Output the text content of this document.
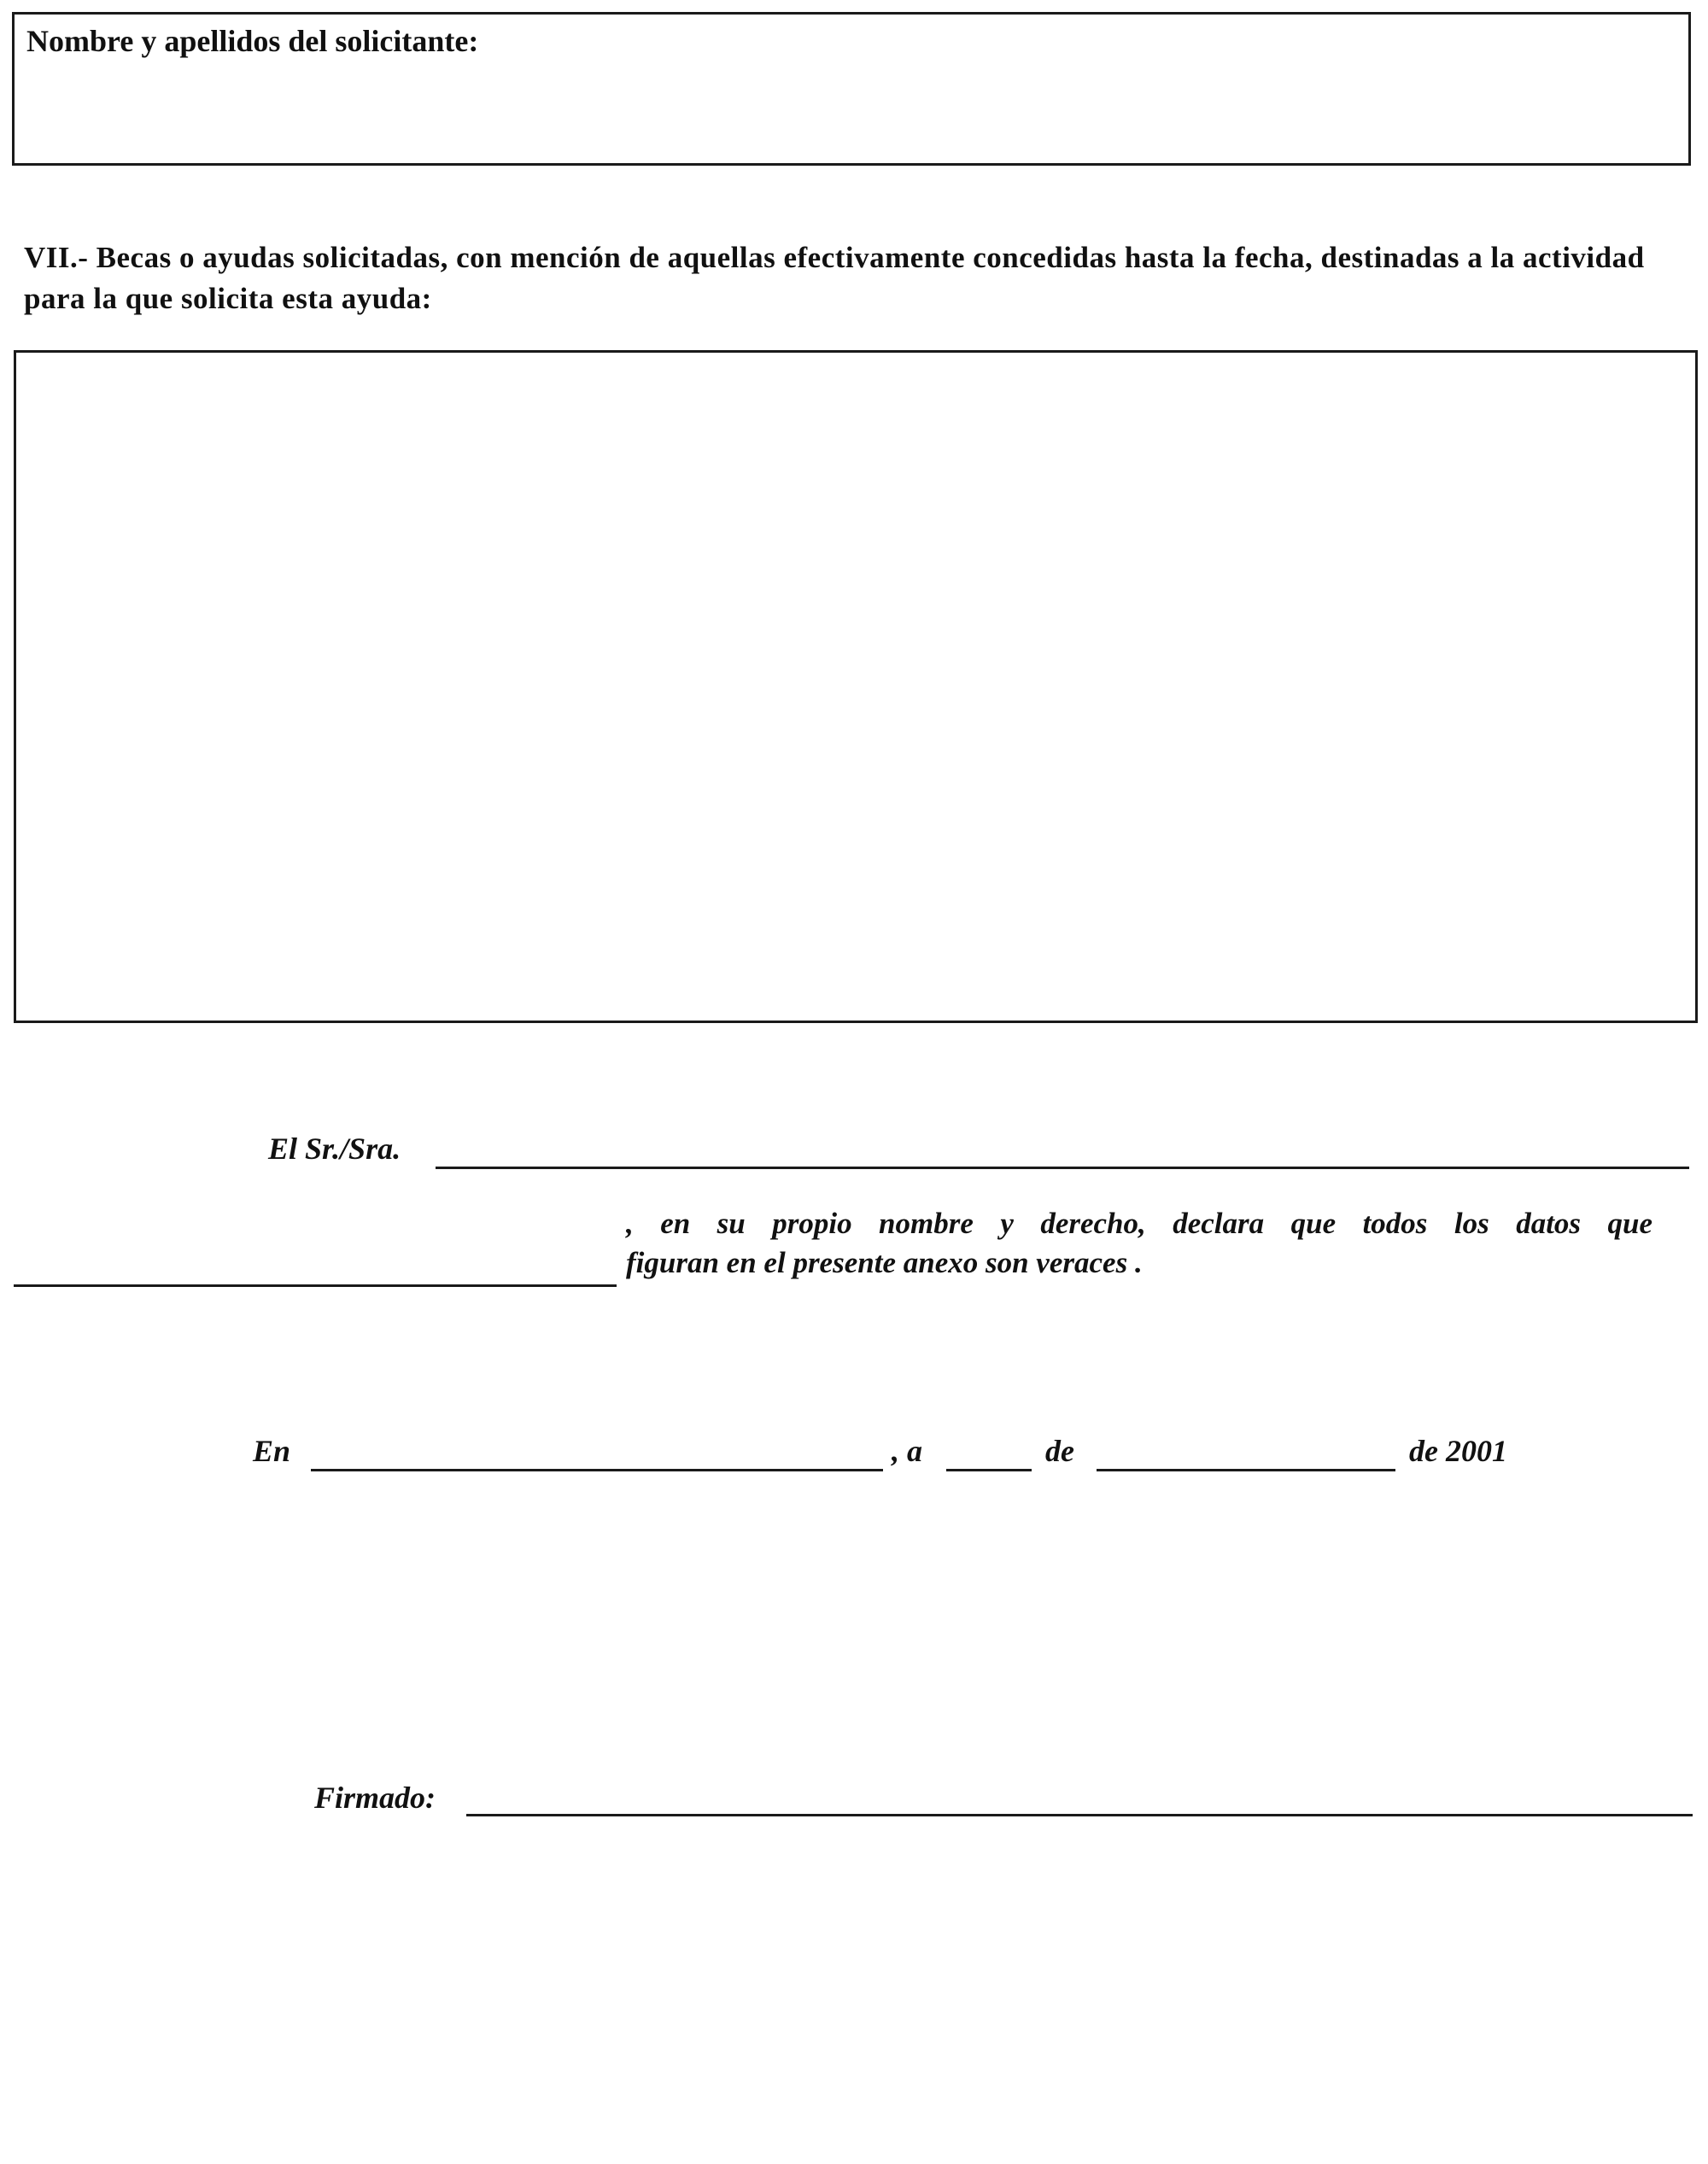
Nombre y apellidos del solicitante:
VII.- Becas o ayudas solicitadas, con mención de aquellas efectivamente concedidas hasta la fecha, destinadas a la actividad para la que solicita esta ayuda:
El Sr./Sra.
, en su propio nombre y derecho, declara que todos los datos que
figuran en el presente anexo son veraces .
En	, a	de	de 2001
Firmado:
